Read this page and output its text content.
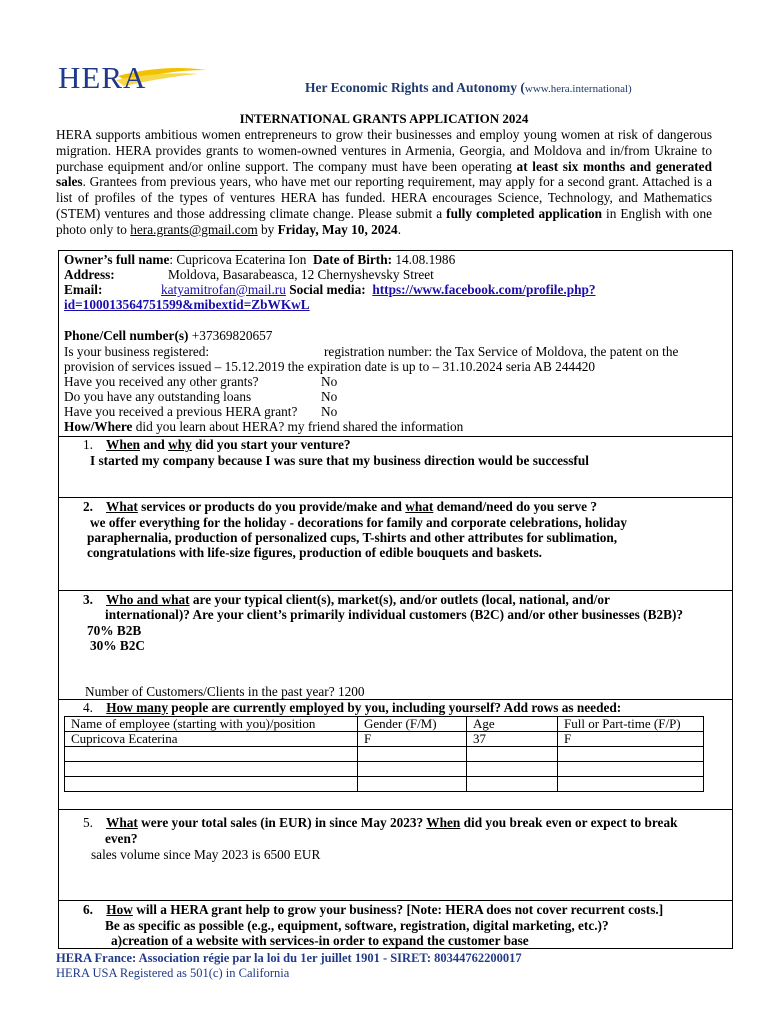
HERA	Her Economic Rights and Autonomy (www.hera.international)
INTERNATIONAL GRANTS APPLICATION 2024
HERA supports ambitious women entrepreneurs to grow their businesses and employ young women at risk of dangerous migration. HERA provides grants to women-owned ventures in Armenia, Georgia, and Moldova and in/from Ukraine to purchase equipment and/or online support. The company must have been operating at least six months and generated sales. Grantees from previous years, who have met our reporting requirement, may apply for a second grant. Attached is a list of profiles of the types of ventures HERA has funded. HERA encourages Science, Technology, and Mathematics (STEM) ventures and those addressing climate change. Please submit a fully completed application in English with one photo only to hera.grants@gmail.com by Friday, May 10, 2024.
Owner’s full name: Cupricova Ecaterina Ion Date of Birth: 14.08.1986
Address:	Moldova, Basarabeasca, 12 Chernyshevsky Street
Email:	katyamitrofan@mail.ru Social media: https://www.facebook.com/profile.php?
id=100013564751599&mibextid=ZbWKwL
Phone/Cell number(s) +37369820657
Is your business registered:	registration number: the Tax Service of Moldova, the patent on the
provision of services issued – 15.12.2019 the expiration date is up to – 31.10.2024 seria AB 244420
Have you received any other grants?	No
Do you have any outstanding loans	No
Have you received a previous HERA grant? No
How/Where did you learn about HERA? my friend shared the information
1. When and why did you start your venture?
I started my company because I was sure that my business direction would be successful
2. What services or products do you provide/make and what demand/need do you serve ?
we offer everything for the holiday - decorations for family and corporate celebrations, holiday
paraphernalia, production of personalized cups, T-shirts and other attributes for sublimation,
congratulations with life-size figures, production of edible bouquets and baskets.
3. Who and what are your typical client(s), market(s), and/or outlets (local, national, and/or
international)? Are your client’s primarily individual customers (B2C) and/or other businesses (B2B)?
70% B2B
30% B2C
Number of Customers/Clients in the past year? 1200
4. How many people are currently employed by you, including yourself? Add rows as needed:
Name of employee (starting with you)/position	Gender (F/M)	Age	Full or Part-time (F/P)
Cupricova Ecaterina	F	37	F

5. What were your total sales (in EUR) in since May 2023? When did you break even or expect to break
even?
sales volume since May 2023 is 6500 EUR
6. How will a HERA grant help to grow your business? [Note: HERA does not cover recurrent costs.]
Be as specific as possible (e.g., equipment, software, registration, digital marketing, etc.)?
a)creation of a website with services-in order to expand the customer base
HERA France: Association régie par la loi du 1er juillet 1901 - SIRET: 80344762200017
HERA USA Registered as 501(c) in California
